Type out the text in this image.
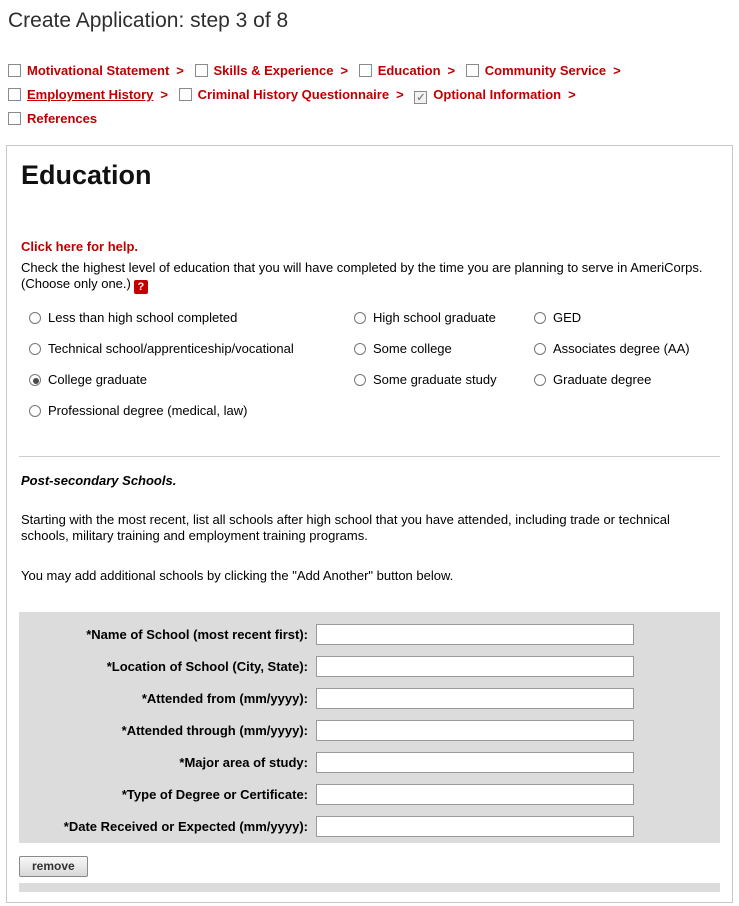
Create Application: step 3 of 8
Motivational Statement > Skills & Experience > Education > Community Service >
Employment History > Criminal History Questionnaire > ✓ Optional Information >
References
Education
Click here for help.
Check the highest level of education that you will have completed by the time you are planning to serve in AmeriCorps. (Choose only one.) ?
Less than high school completed	High school graduate	GED
Technical school/apprenticeship/vocational	Some college	Associates degree (AA)
College graduate	Some graduate study	Graduate degree
Professional degree (medical, law)
Post-secondary Schools.
Starting with the most recent, list all schools after high school that you have attended, including trade or technical schools, military training and employment training programs.
You may add additional schools by clicking the "Add Another" button below.
*Name of School (most recent first):
*Location of School (City, State):
*Attended from (mm/yyyy):
*Attended through (mm/yyyy):
*Major area of study:
*Type of Degree or Certificate:
*Date Received or Expected (mm/yyyy):
remove
